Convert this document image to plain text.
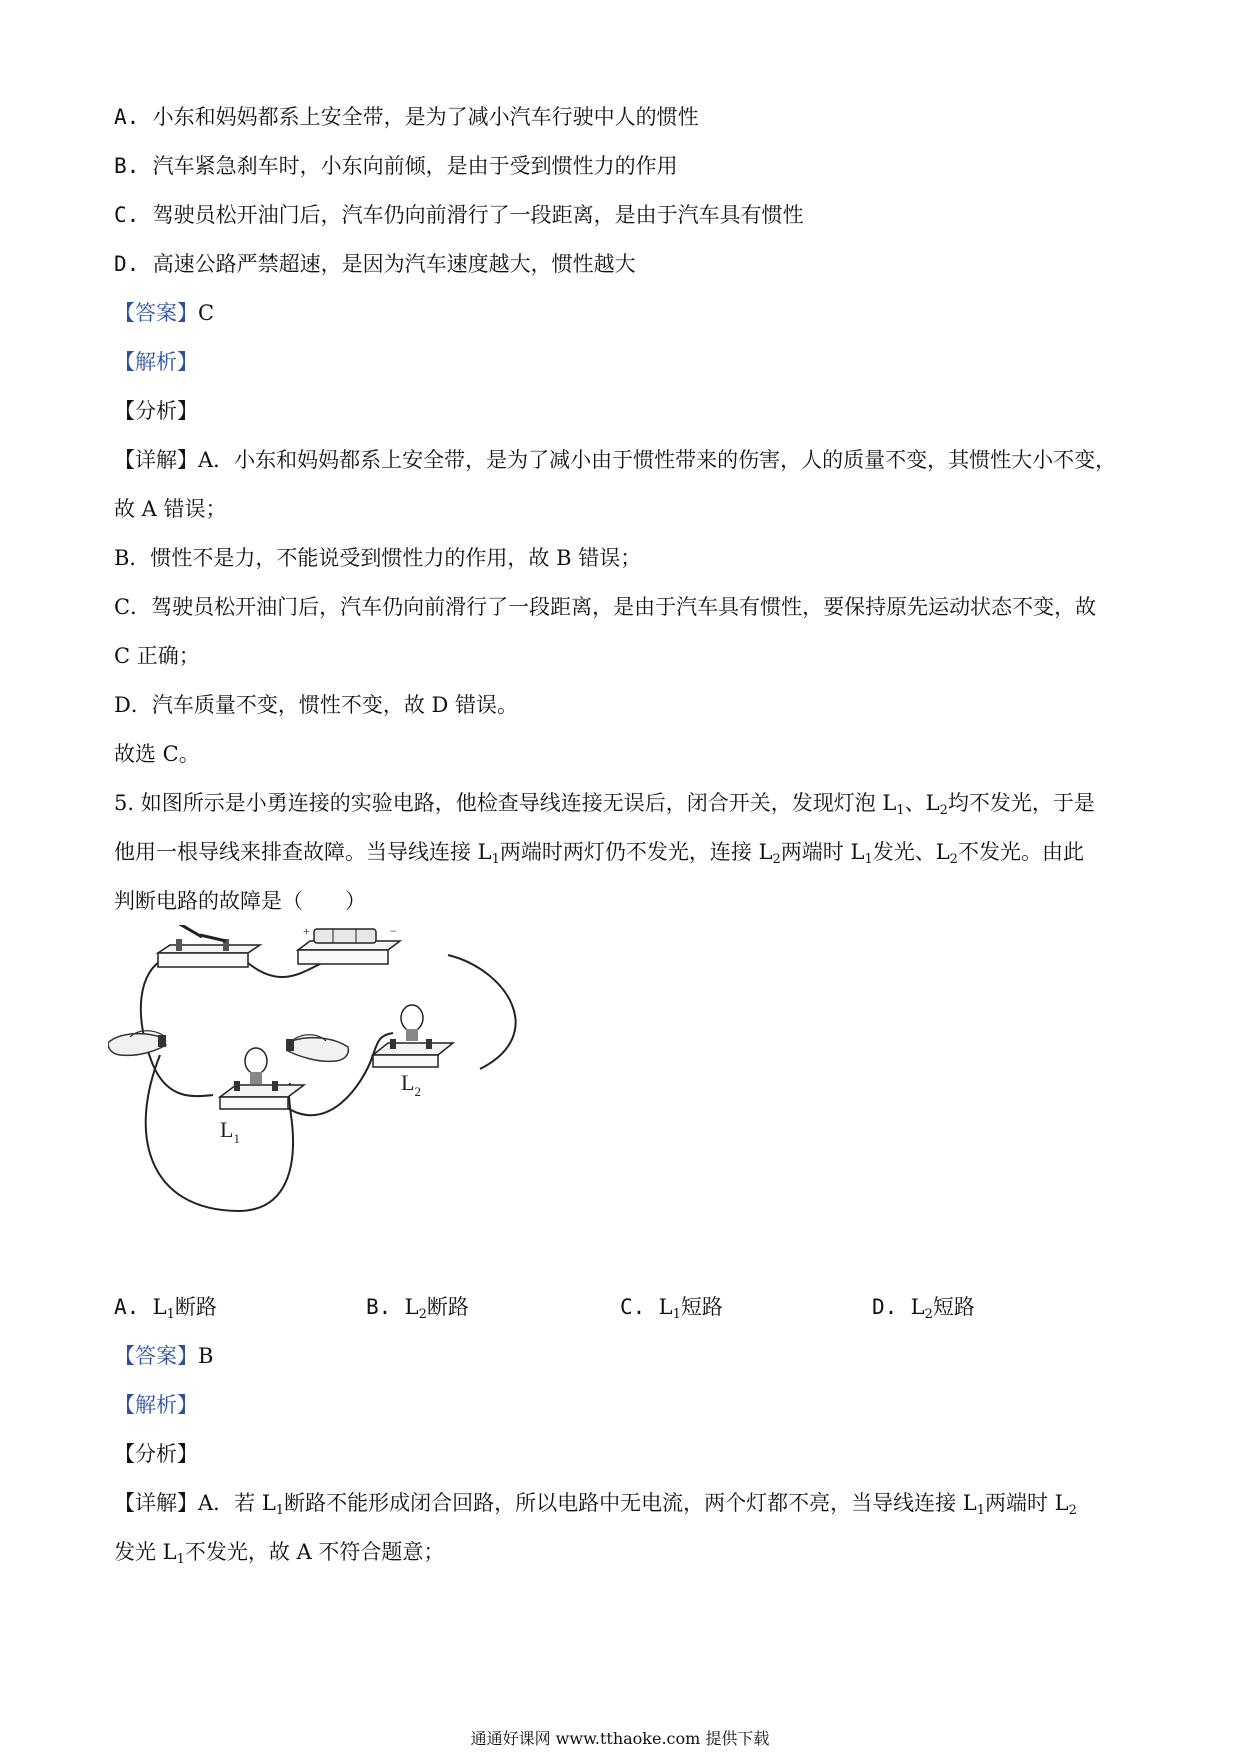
A. 小东和妈妈都系上安全带，是为了减小汽车行驶中人的惯性
B. 汽车紧急刹车时，小东向前倾，是由于受到惯性力的作用
C. 驾驶员松开油门后，汽车仍向前滑行了一段距离，是由于汽车具有惯性
D. 高速公路严禁超速，是因为汽车速度越大，惯性越大
【答案】C
【解析】
【分析】
【详解】A．小东和妈妈都系上安全带，是为了减小由于惯性带来的伤害，人的质量不变，其惯性大小不变，
故 A 错误；
B．惯性不是力，不能说受到惯性力的作用，故 B 错误；
C．驾驶员松开油门后，汽车仍向前滑行了一段距离，是由于汽车具有惯性，要保持原先运动状态不变，故
C 正确；
D．汽车质量不变，惯性不变，故 D 错误。
故选 C。
5. 如图所示是小勇连接的实验电路，他检查导线连接无误后，闭合开关，发现灯泡 $L_1$、$L_2$均不发光，于是
他用一根导线来排查故障。当导线连接 $L_1$两端时两灯仍不发光，连接 $L_2$两端时 $L_1$发光、$L_2$不发光。由此
判断电路的故障是（　　）
+	−
$L_2$
$L_1$
A. $L_1$断路	B. $L_2$断路	C. $L_1$短路	D. $L_2$短路
【答案】B
【解析】
【分析】
【详解】A．若 $L_1$断路不能形成闭合回路，所以电路中无电流，两个灯都不亮，当导线连接 $L_1$两端时 $L_2$
发光 $L_1$不发光，故 A 不符合题意；
通通好课网 www.tthaoke.com 提供下载
